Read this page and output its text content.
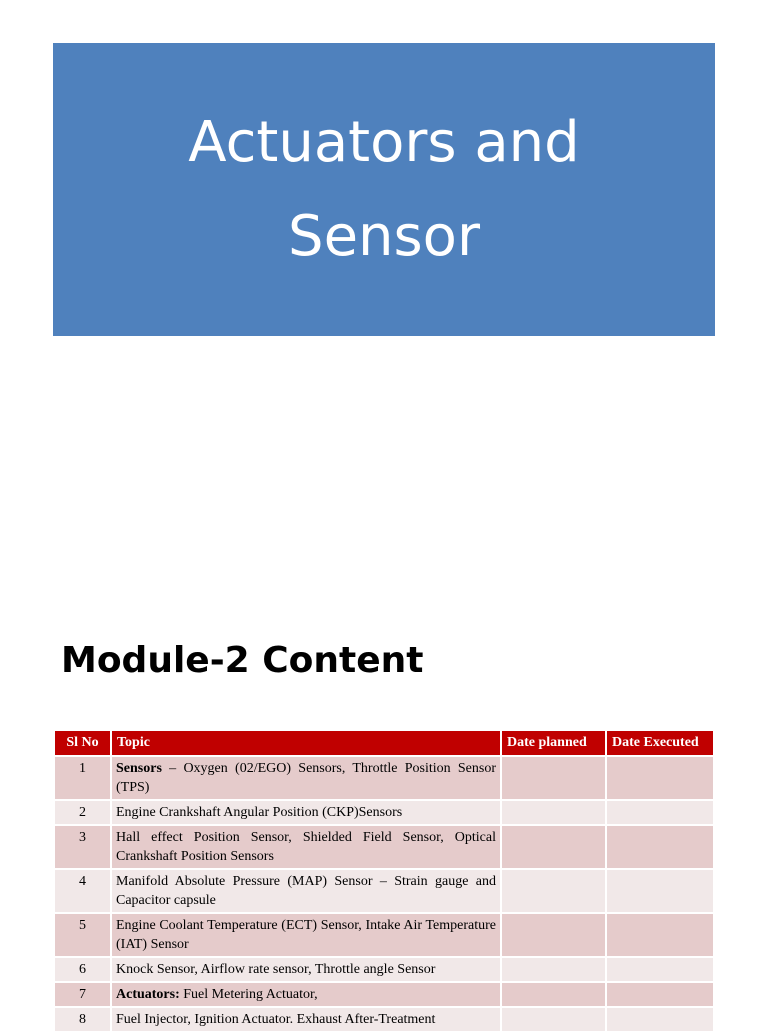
Actuators and
Sensor
Module-2 Content
Sl No	Topic	Date planned	Date Executed
1	Sensors – Oxygen (02/EGO) Sensors, Throttle Position Sensor (TPS)		
2	Engine Crankshaft Angular Position (CKP)Sensors		
3	Hall effect Position Sensor, Shielded Field Sensor, Optical Crankshaft Position Sensors		
4	Manifold Absolute Pressure (MAP) Sensor – Strain gauge and Capacitor capsule		
5	Engine Coolant Temperature (ECT) Sensor, Intake Air Temperature (IAT) Sensor		
6	Knock Sensor, Airflow rate sensor, Throttle angle Sensor		
7	Actuators: Fuel Metering Actuator,		
8	Fuel Injector, Ignition Actuator. Exhaust After-Treatment		
